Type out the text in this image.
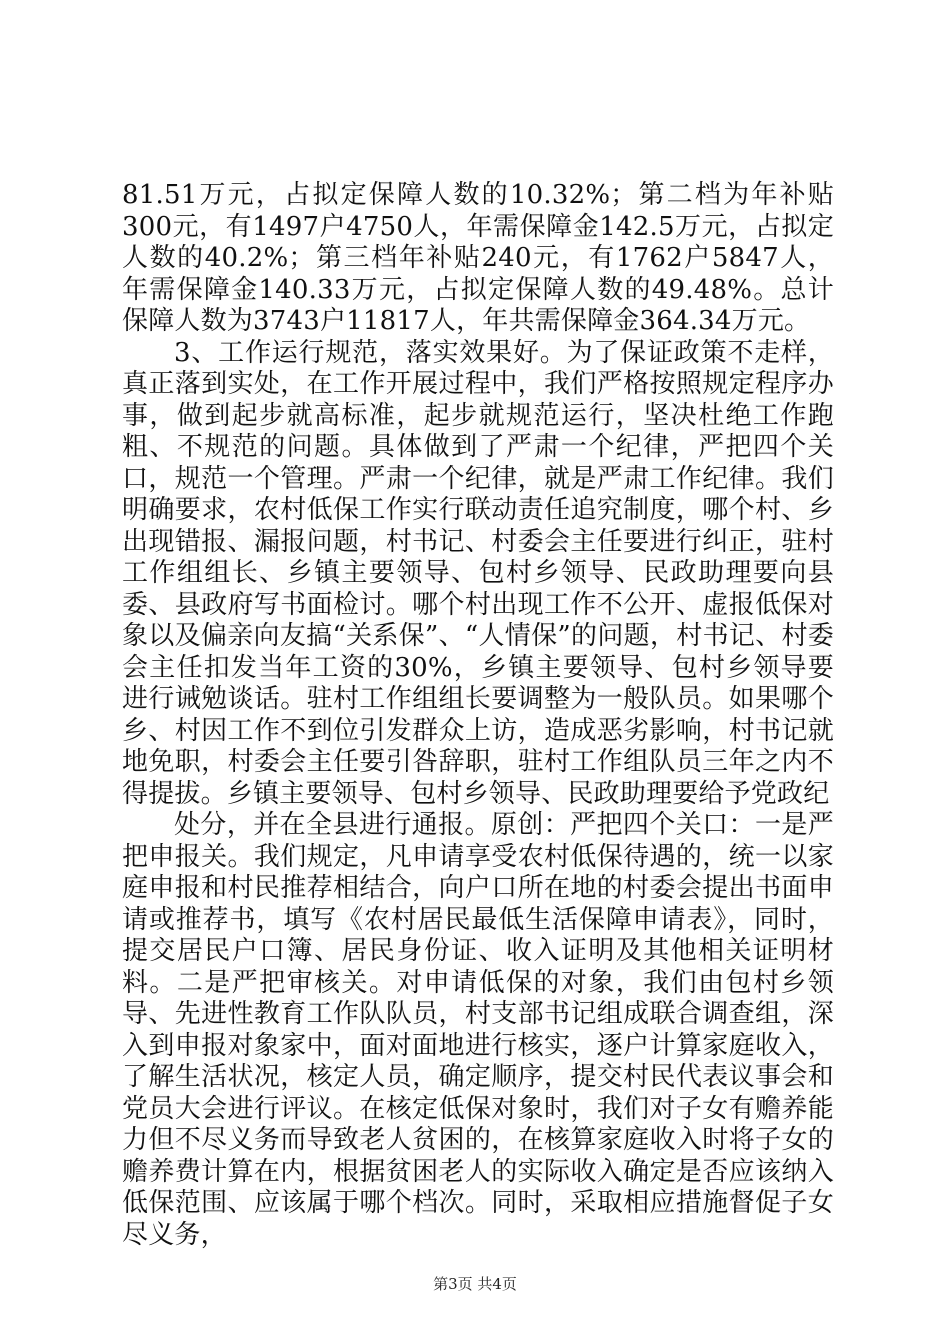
81.51万元，占拟定保障人数的10.32%；第二档为年补贴300元，有1497户4750人，年需保障金142.5万元，占拟定人数的40.2%；第三档年补贴240元，有1762户5847人，年需保障金140.33万元，占拟定保障人数的49.48%。总计保障人数为3743户11817人，年共需保障金364.34万元。

3、工作运行规范，落实效果好。为了保证政策不走样，真正落到实处，在工作开展过程中，我们严格按照规定程序办事，做到起步就高标准，起步就规范运行，坚决杜绝工作跑粗、不规范的问题。具体做到了严肃一个纪律，严把四个关口，规范一个管理。严肃一个纪律，就是严肃工作纪律。我们明确要求，农村低保工作实行联动责任追究制度，哪个村、乡出现错报、漏报问题，村书记、村委会主任要进行纠正，驻村工作组组长、乡镇主要领导、包村乡领导、民政助理要向县委、县政府写书面检讨。哪个村出现工作不公开、虚报低保对象以及偏亲向友搞“关系保”、“人情保”的问题，村书记、村委会主任扣发当年工资的30%，乡镇主要领导、包村乡领导要进行诫勉谈话。驻村工作组组长要调整为一般队员。如果哪个乡、村因工作不到位引发群众上访，造成恶劣影响，村书记就地免职，村委会主任要引咎辞职，驻村工作组队员三年之内不得提拔。乡镇主要领导、包村乡领导、民政助理要给予党政纪

处分，并在全县进行通报。原创：严把四个关口：一是严把申报关。我们规定，凡申请享受农村低保待遇的，统一以家庭申报和村民推荐相结合，向户口所在地的村委会提出书面申请或推荐书，填写《农村居民最低生活保障申请表》，同时，提交居民户口簿、居民身份证、收入证明及其他相关证明材料。二是严把审核关。对申请低保的对象，我们由包村乡领导、先进性教育工作队队员，村支部书记组成联合调查组，深入到申报对象家中，面对面地进行核实，逐户计算家庭收入，了解生活状况，核定人员，确定顺序，提交村民代表议事会和党员大会进行评议。在核定低保对象时，我们对子女有赡养能力但不尽义务而导致老人贫困的，在核算家庭收入时将子女的赡养费计算在内，根据贫困老人的实际收入确定是否应该纳入低保范围、应该属于哪个档次。同时，采取相应措施督促子女尽义务，

第3页 共4页
